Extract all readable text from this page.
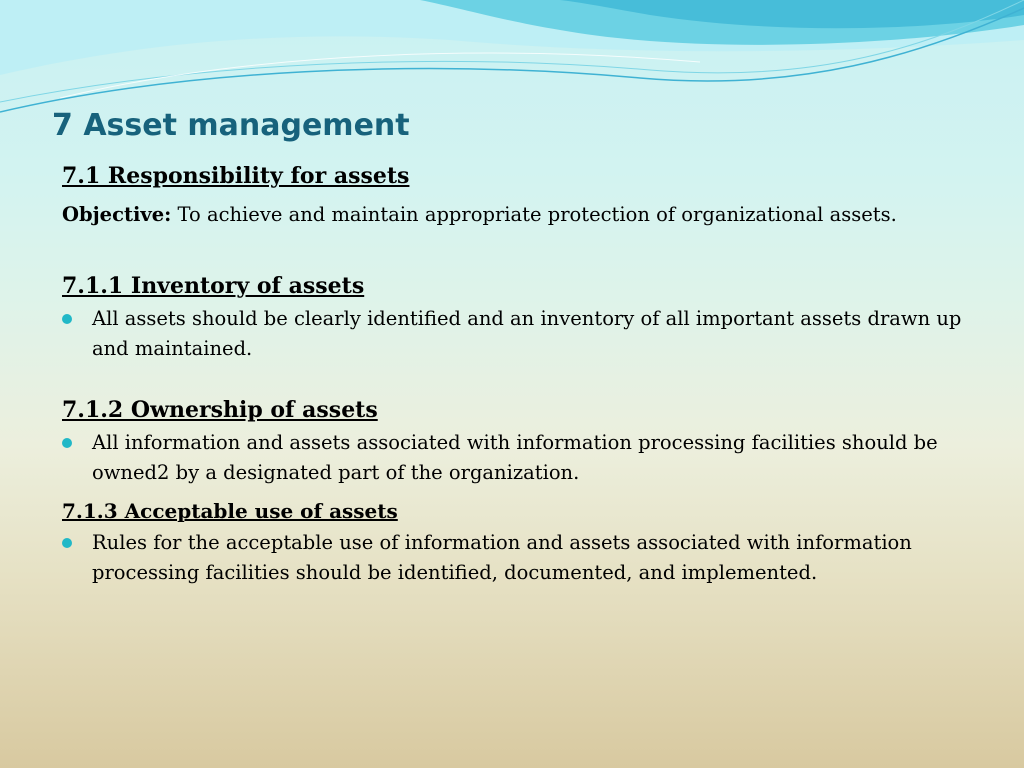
7 Asset management
7.1 Responsibility for assets
Objective: To achieve and maintain appropriate protection of organizational assets.
7.1.1 Inventory of assets
All assets should be clearly identified and an inventory of all important assets drawn up and maintained.
7.1.2 Ownership of assets
All information and assets associated with information processing facilities should be owned2 by a designated part of the organization.
7.1.3 Acceptable use of assets
Rules for the acceptable use of information and assets associated with information processing facilities should be identified, documented, and implemented.
